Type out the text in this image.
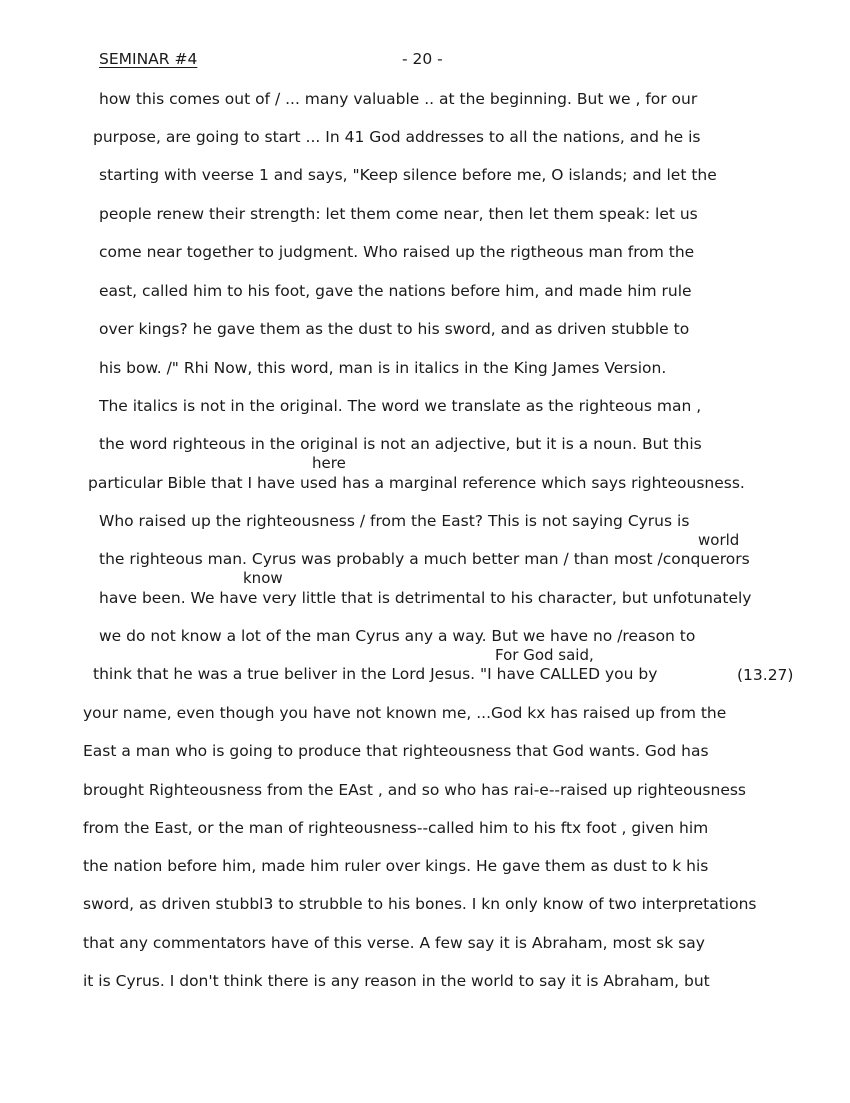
SEMINAR #4	- 20 -
here
world
know
For God said,
how this comes out of ∕ ... many valuable .. at the beginning. But we , for our
purpose, are going to start ... In 41 God addresses to all the nations, and he is
starting with veerse 1 and says, "Keep silence before me, O islands; and let the
people renew their strength: let them come near, then let them speak: let us
come near together to judgment. Who raised up the rigtheous man from the
east, called him to his foot, gave the nations before him, and made him rule
over kings? he gave them as the dust to his sword, and as driven stubble to
his bow. ∕" Rhi Now, this word, man is in italics in the King James Version.
The italics is not in the original. The word we translate as the righteous man ,
the word righteous in the original is not an adjective, but it is a noun. But this
particular Bible that I have used has a marginal reference which says righteousness.
Who raised up the righteousness ∕ from the East? This is not saying Cyrus is
the righteous man. Cyrus was probably a much better man ∕ than most ∕conquerors
have been. We have very little that is detrimental to his character, but unfotunately
we do not know a lot of the man Cyrus any a way. But we have no ∕reason to
think that he was a true beliver in the Lord Jesus. "I have CALLED you by
your name, even though you have not known me, ...God kx has raised up from the
East a man who is going to produce that righteousness that God wants. God has
brought Righteousness from the EAst , and so who has rai-e--raised up righteousness
from the East, or the man of righteousness--called him to his ftx foot , given him
the nation before him, made him ruler over kings. He gave them as dust to k his
sword, as driven stubbl3 to strubble to his bones. I kn only know of two interpretations
that any commentators have of this verse. A few say it is Abraham, most sk say
it is Cyrus. I don't think there is any reason in the world to say it is Abraham, but
(13.27)
